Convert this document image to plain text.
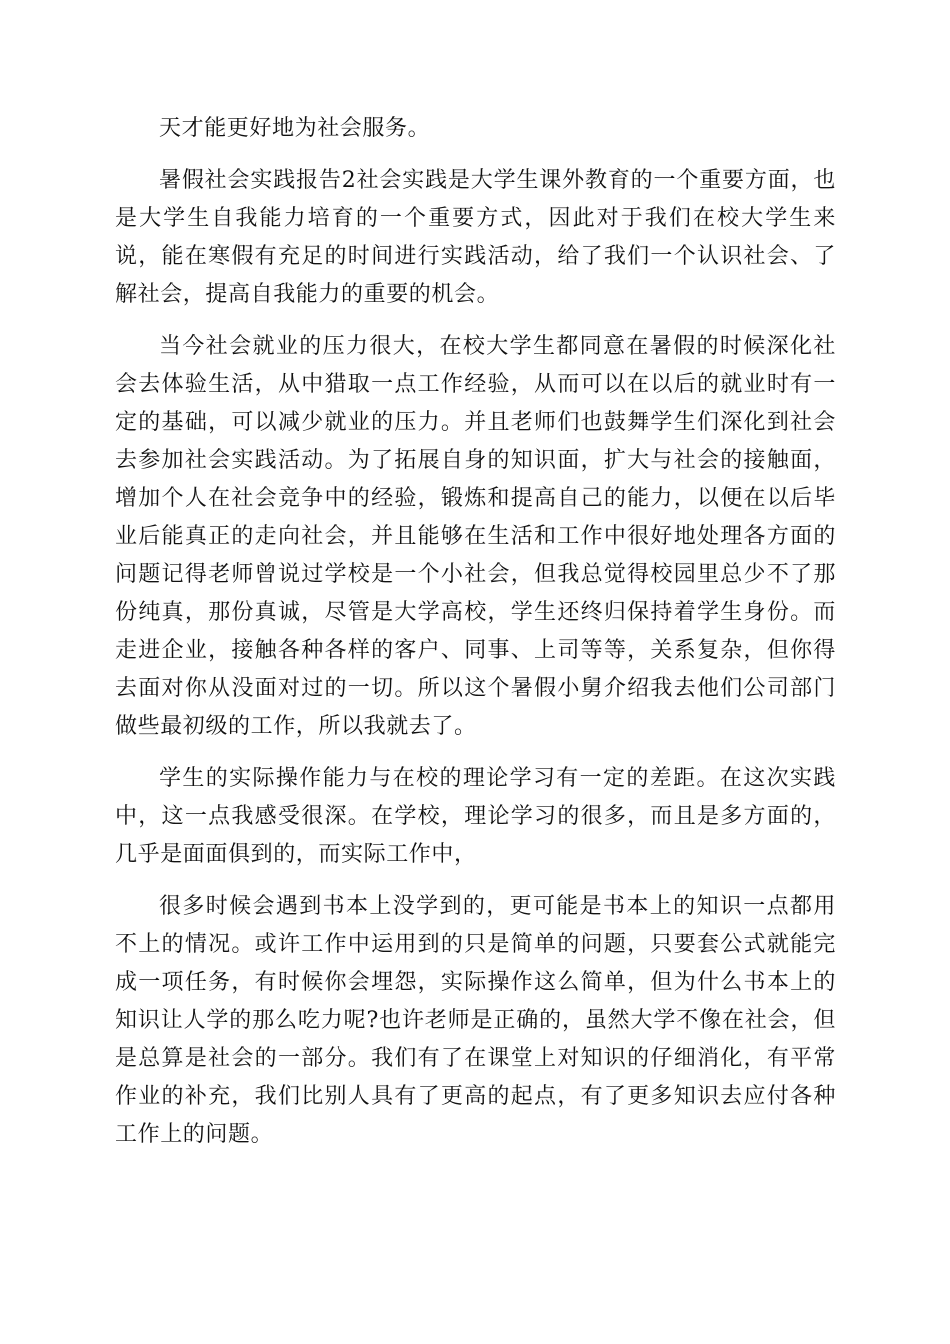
天才能更好地为社会服务。

暑假社会实践报告2社会实践是大学生课外教育的一个重要方面，也是大学生自我能力培育的一个重要方式，因此对于我们在校大学生来说，能在寒假有充足的时间进行实践活动，给了我们一个认识社会、了解社会，提高自我能力的重要的机会。

当今社会就业的压力很大，在校大学生都同意在暑假的时候深化社会去体验生活，从中猎取一点工作经验，从而可以在以后的就业时有一定的基础，可以减少就业的压力。并且老师们也鼓舞学生们深化到社会去参加社会实践活动。为了拓展自身的知识面，扩大与社会的接触面，增加个人在社会竞争中的经验，锻炼和提高自己的能力，以便在以后毕业后能真正的走向社会，并且能够在生活和工作中很好地处理各方面的问题记得老师曾说过学校是一个小社会，但我总觉得校园里总少不了那份纯真，那份真诚，尽管是大学高校，学生还终归保持着学生身份。而走进企业，接触各种各样的客户、同事、上司等等，关系复杂，但你得去面对你从没面对过的一切。所以这个暑假小舅介绍我去他们公司部门做些最初级的工作，所以我就去了。

学生的实际操作能力与在校的理论学习有一定的差距。在这次实践中，这一点我感受很深。在学校，理论学习的很多，而且是多方面的，几乎是面面俱到的，而实际工作中，

很多时候会遇到书本上没学到的，更可能是书本上的知识一点都用不上的情况。或许工作中运用到的只是简单的问题，只要套公式就能完成一项任务，有时候你会埋怨，实际操作这么简单，但为什么书本上的知识让人学的那么吃力呢?也许老师是正确的，虽然大学不像在社会，但是总算是社会的一部分。我们有了在课堂上对知识的仔细消化，有平常作业的补充，我们比别人具有了更高的起点，有了更多知识去应付各种工作上的问题。
